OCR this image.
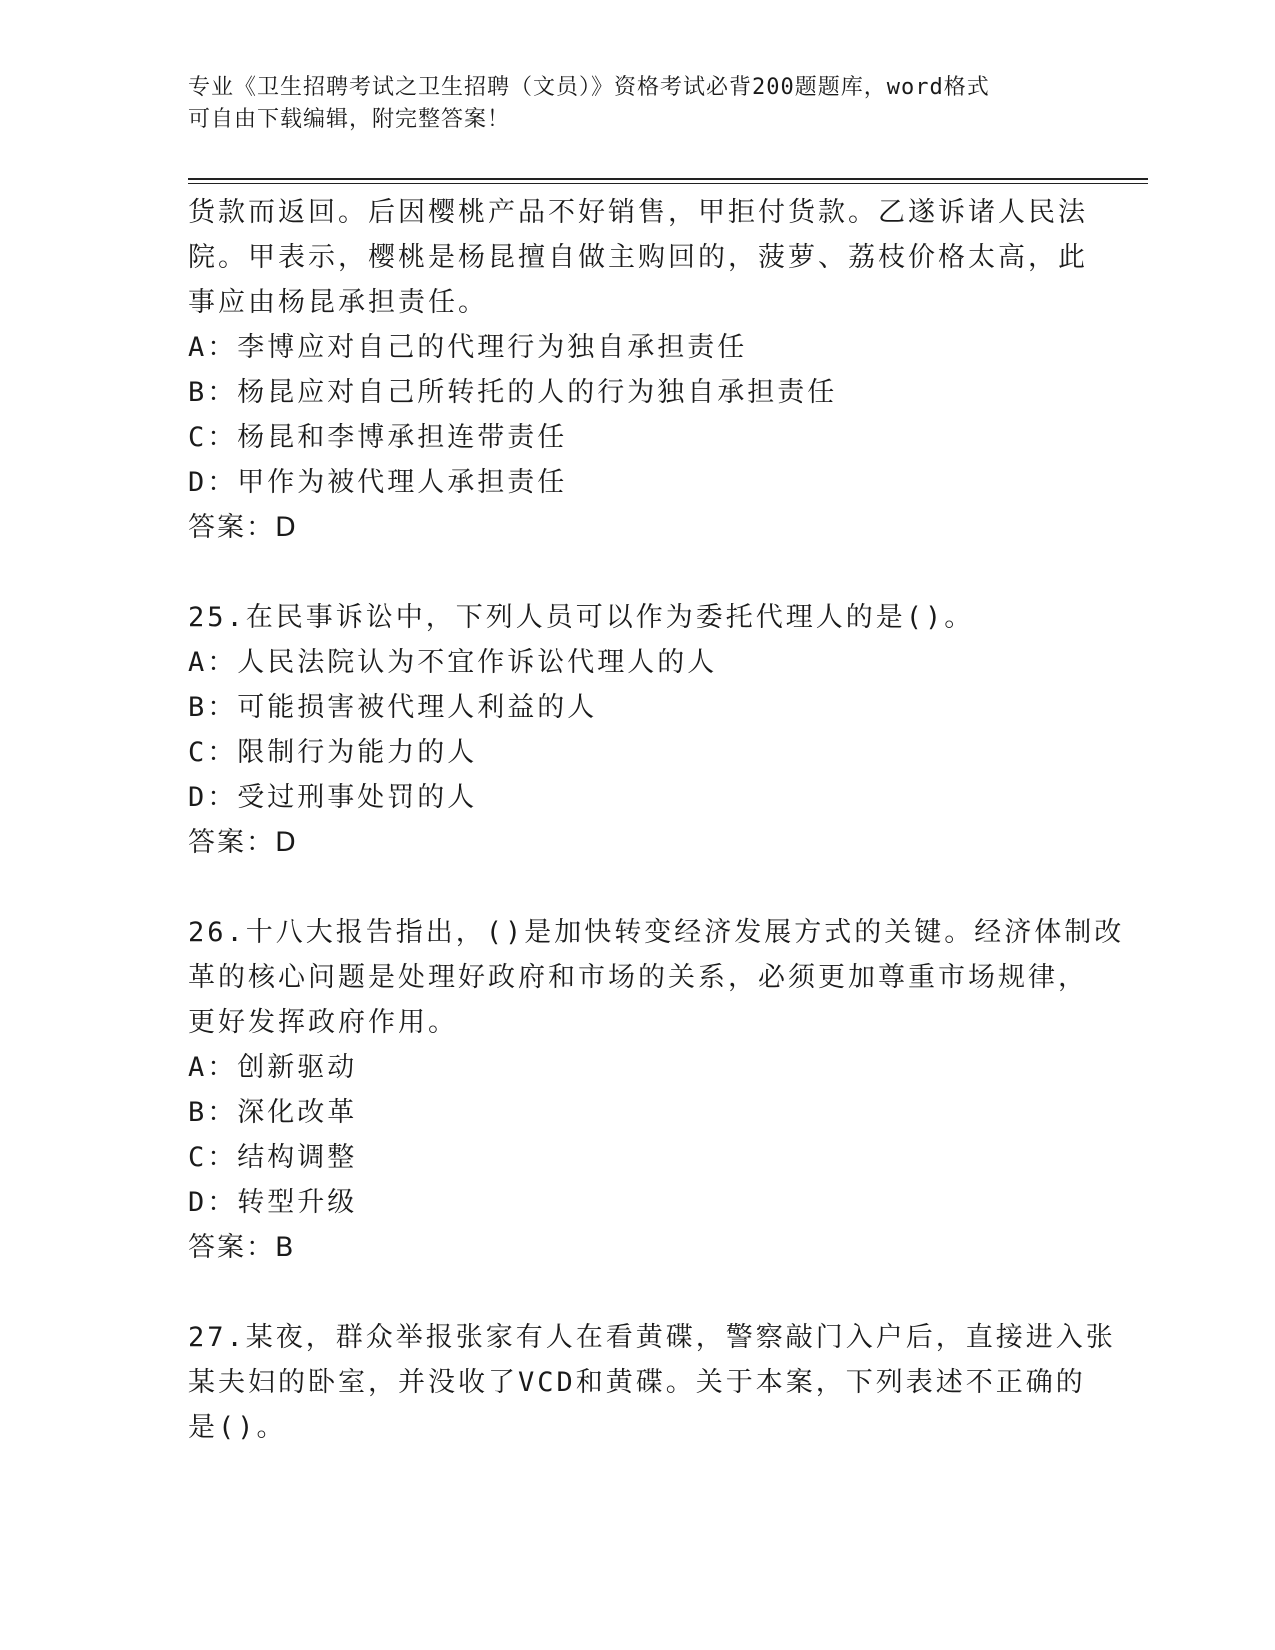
专业《卫生招聘考试之卫生招聘（文员）》资格考试必背200题题库，word格式
可自由下载编辑，附完整答案！
货款而返回。后因樱桃产品不好销售，甲拒付货款。乙遂诉诸人民法
院。甲表示，樱桃是杨昆擅自做主购回的，菠萝、荔枝价格太高，此
事应由杨昆承担责任。
A：李博应对自己的代理行为独自承担责任
B：杨昆应对自己所转托的人的行为独自承担责任
C：杨昆和李博承担连带责任
D：甲作为被代理人承担责任
答案：D
25.在民事诉讼中，下列人员可以作为委托代理人的是()。
A：人民法院认为不宜作诉讼代理人的人
B：可能损害被代理人利益的人
C：限制行为能力的人
D：受过刑事处罚的人
答案：D
26.十八大报告指出，()是加快转变经济发展方式的关键。经济体制改
革的核心问题是处理好政府和市场的关系，必须更加尊重市场规律，
更好发挥政府作用。
A：创新驱动
B：深化改革
C：结构调整
D：转型升级
答案：B
27.某夜，群众举报张家有人在看黄碟，警察敲门入户后，直接进入张
某夫妇的卧室，并没收了VCD和黄碟。关于本案，下列表述不正确的
是()。
